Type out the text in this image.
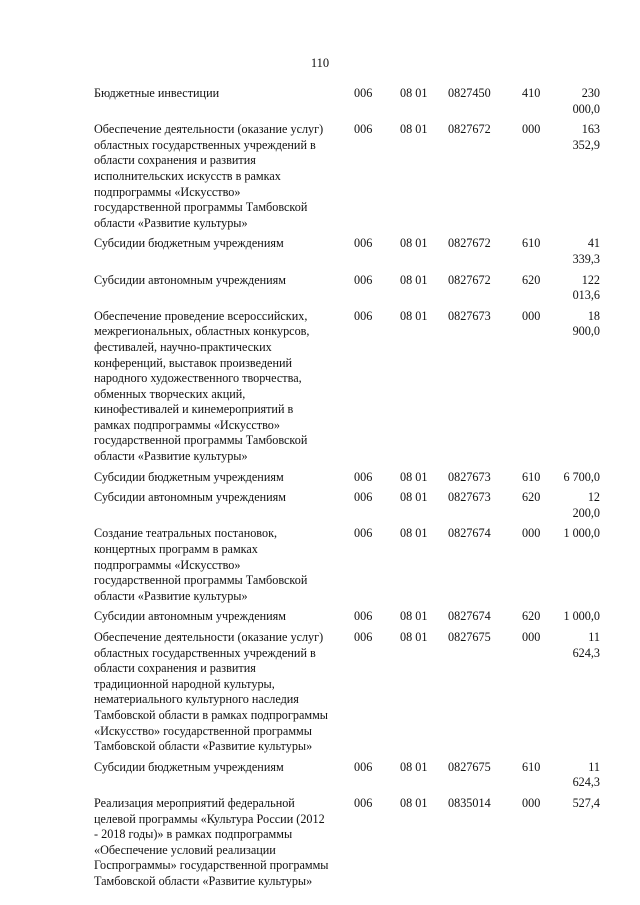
110
Бюджетные инвестиции	006	08 01	0827450	410	230 000,0
Обеспечение деятельности (оказание услуг) областных государственных учреждений в области сохранения и развития исполнительских искусств в рамках подпрограммы «Искусство» государственной программы Тамбовской области «Развитие культуры»	006	08 01	0827672	000	163 352,9
Субсидии бюджетным учреждениям	006	08 01	0827672	610	41 339,3
Субсидии автономным учреждениям	006	08 01	0827672	620	122 013,6
Обеспечение проведение всероссийских, межрегиональных, областных конкурсов, фестивалей, научно-практических конференций, выставок произведений народного художественного творчества, обменных творческих акций, кинофестивалей и кинемероприятий в рамках подпрограммы «Искусство» государственной программы Тамбовской области «Развитие культуры»	006	08 01	0827673	000	18 900,0
Субсидии бюджетным учреждениям	006	08 01	0827673	610	6 700,0
Субсидии автономным учреждениям	006	08 01	0827673	620	12 200,0
Создание театральных постановок, концертных программ в рамках подпрограммы «Искусство» государственной программы Тамбовской области «Развитие культуры»	006	08 01	0827674	000	1 000,0
Субсидии автономным учреждениям	006	08 01	0827674	620	1 000,0
Обеспечение деятельности (оказание услуг) областных государственных учреждений в области сохранения и развития традиционной народной культуры, нематериального культурного наследия Тамбовской области в рамках подпрограммы «Искусство» государственной программы Тамбовской области «Развитие культуры»	006	08 01	0827675	000	11 624,3
Субсидии бюджетным учреждениям	006	08 01	0827675	610	11 624,3
Реализация мероприятий федеральной целевой программы «Культура России (2012 - 2018 годы)» в рамках подпрограммы «Обеспечение условий реализации Госпрограммы» государственной программы Тамбовской области «Развитие культуры»	006	08 01	0835014	000	527,4
